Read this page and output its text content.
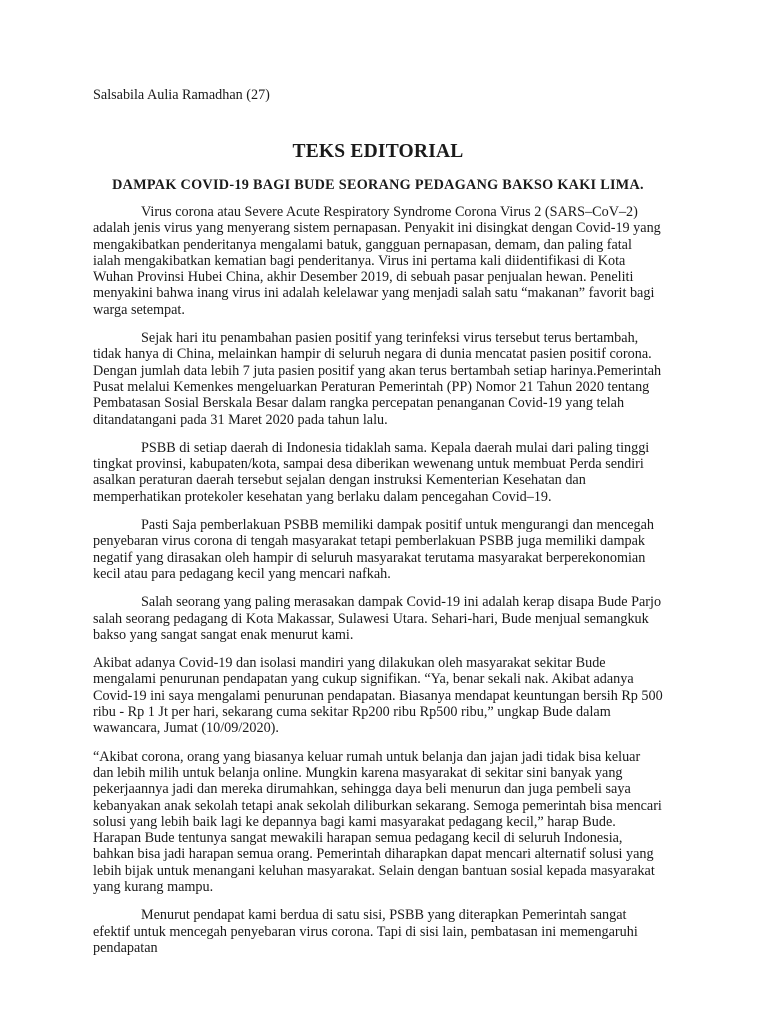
Salsabila Aulia Ramadhan (27)

TEKS EDITORIAL
DAMPAK COVID-19 BAGI BUDE SEORANG PEDAGANG BAKSO KAKI LIMA.

Virus corona atau Severe Acute Respiratory Syndrome Corona Virus 2 (SARS–CoV–2) adalah jenis virus yang menyerang sistem pernapasan. Penyakit ini disingkat dengan Covid-19 yang mengakibatkan penderitanya mengalami batuk, gangguan pernapasan, demam, dan paling fatal ialah mengakibatkan kematian bagi penderitanya. Virus ini pertama kali diidentifikasi di Kota Wuhan Provinsi Hubei China, akhir Desember 2019, di sebuah pasar penjualan hewan. Peneliti menyakini bahwa inang virus ini adalah kelelawar yang menjadi salah satu “makanan” favorit bagi warga setempat.

Sejak hari itu penambahan pasien positif yang terinfeksi virus tersebut terus bertambah, tidak hanya di China, melainkan hampir di seluruh negara di dunia mencatat pasien positif corona. Dengan jumlah data lebih 7 juta pasien positif yang akan terus bertambah setiap harinya.Pemerintah Pusat melalui Kemenkes mengeluarkan Peraturan Pemerintah (PP) Nomor 21 Tahun 2020 tentang Pembatasan Sosial Berskala Besar dalam rangka percepatan penanganan Covid-19 yang telah ditandatangani pada 31 Maret 2020 pada tahun lalu.

PSBB di setiap daerah di Indonesia tidaklah sama. Kepala daerah mulai dari paling tinggi tingkat provinsi, kabupaten/kota, sampai desa diberikan wewenang untuk membuat Perda sendiri asalkan peraturan daerah tersebut sejalan dengan instruksi Kementerian Kesehatan dan memperhatikan protekoler kesehatan yang berlaku dalam pencegahan Covid–19.

Pasti Saja pemberlakuan PSBB memiliki dampak positif untuk mengurangi dan mencegah penyebaran virus corona di tengah masyarakat tetapi pemberlakuan PSBB juga memiliki dampak negatif yang dirasakan oleh hampir di seluruh masyarakat terutama masyarakat berperekonomian kecil atau para pedagang kecil yang mencari nafkah.

Salah seorang yang paling merasakan dampak Covid-19 ini adalah kerap disapa Bude Parjo salah seorang pedagang di Kota Makassar, Sulawesi Utara. Sehari-hari, Bude menjual semangkuk bakso yang sangat sangat enak menurut kami.

Akibat adanya Covid-19 dan isolasi mandiri yang dilakukan oleh masyarakat sekitar Bude mengalami penurunan pendapatan yang cukup signifikan. “Ya, benar sekali nak. Akibat adanya Covid-19 ini saya mengalami penurunan pendapatan. Biasanya mendapat keuntungan bersih Rp 500 ribu - Rp 1 Jt per hari, sekarang cuma sekitar Rp200 ribu Rp500 ribu,” ungkap Bude dalam wawancara, Jumat (10/09/2020).

“Akibat corona, orang yang biasanya keluar rumah untuk belanja dan jajan jadi tidak bisa keluar dan lebih milih untuk belanja online. Mungkin karena masyarakat di sekitar sini banyak yang pekerjaannya jadi dan mereka dirumahkan, sehingga daya beli menurun dan juga pembeli saya kebanyakan anak sekolah tetapi anak sekolah diliburkan sekarang. Semoga pemerintah bisa mencari solusi yang lebih baik lagi ke depannya bagi kami masyarakat pedagang kecil,” harap Bude. Harapan Bude tentunya sangat mewakili harapan semua pedagang kecil di seluruh Indonesia, bahkan bisa jadi harapan semua orang. Pemerintah diharapkan dapat mencari alternatif solusi yang lebih bijak untuk menangani keluhan masyarakat. Selain dengan bantuan sosial kepada masyarakat yang kurang mampu.

Menurut pendapat kami berdua di satu sisi, PSBB yang diterapkan Pemerintah sangat efektif untuk mencegah penyebaran virus corona. Tapi di sisi lain, pembatasan ini memengaruhi pendapatan
